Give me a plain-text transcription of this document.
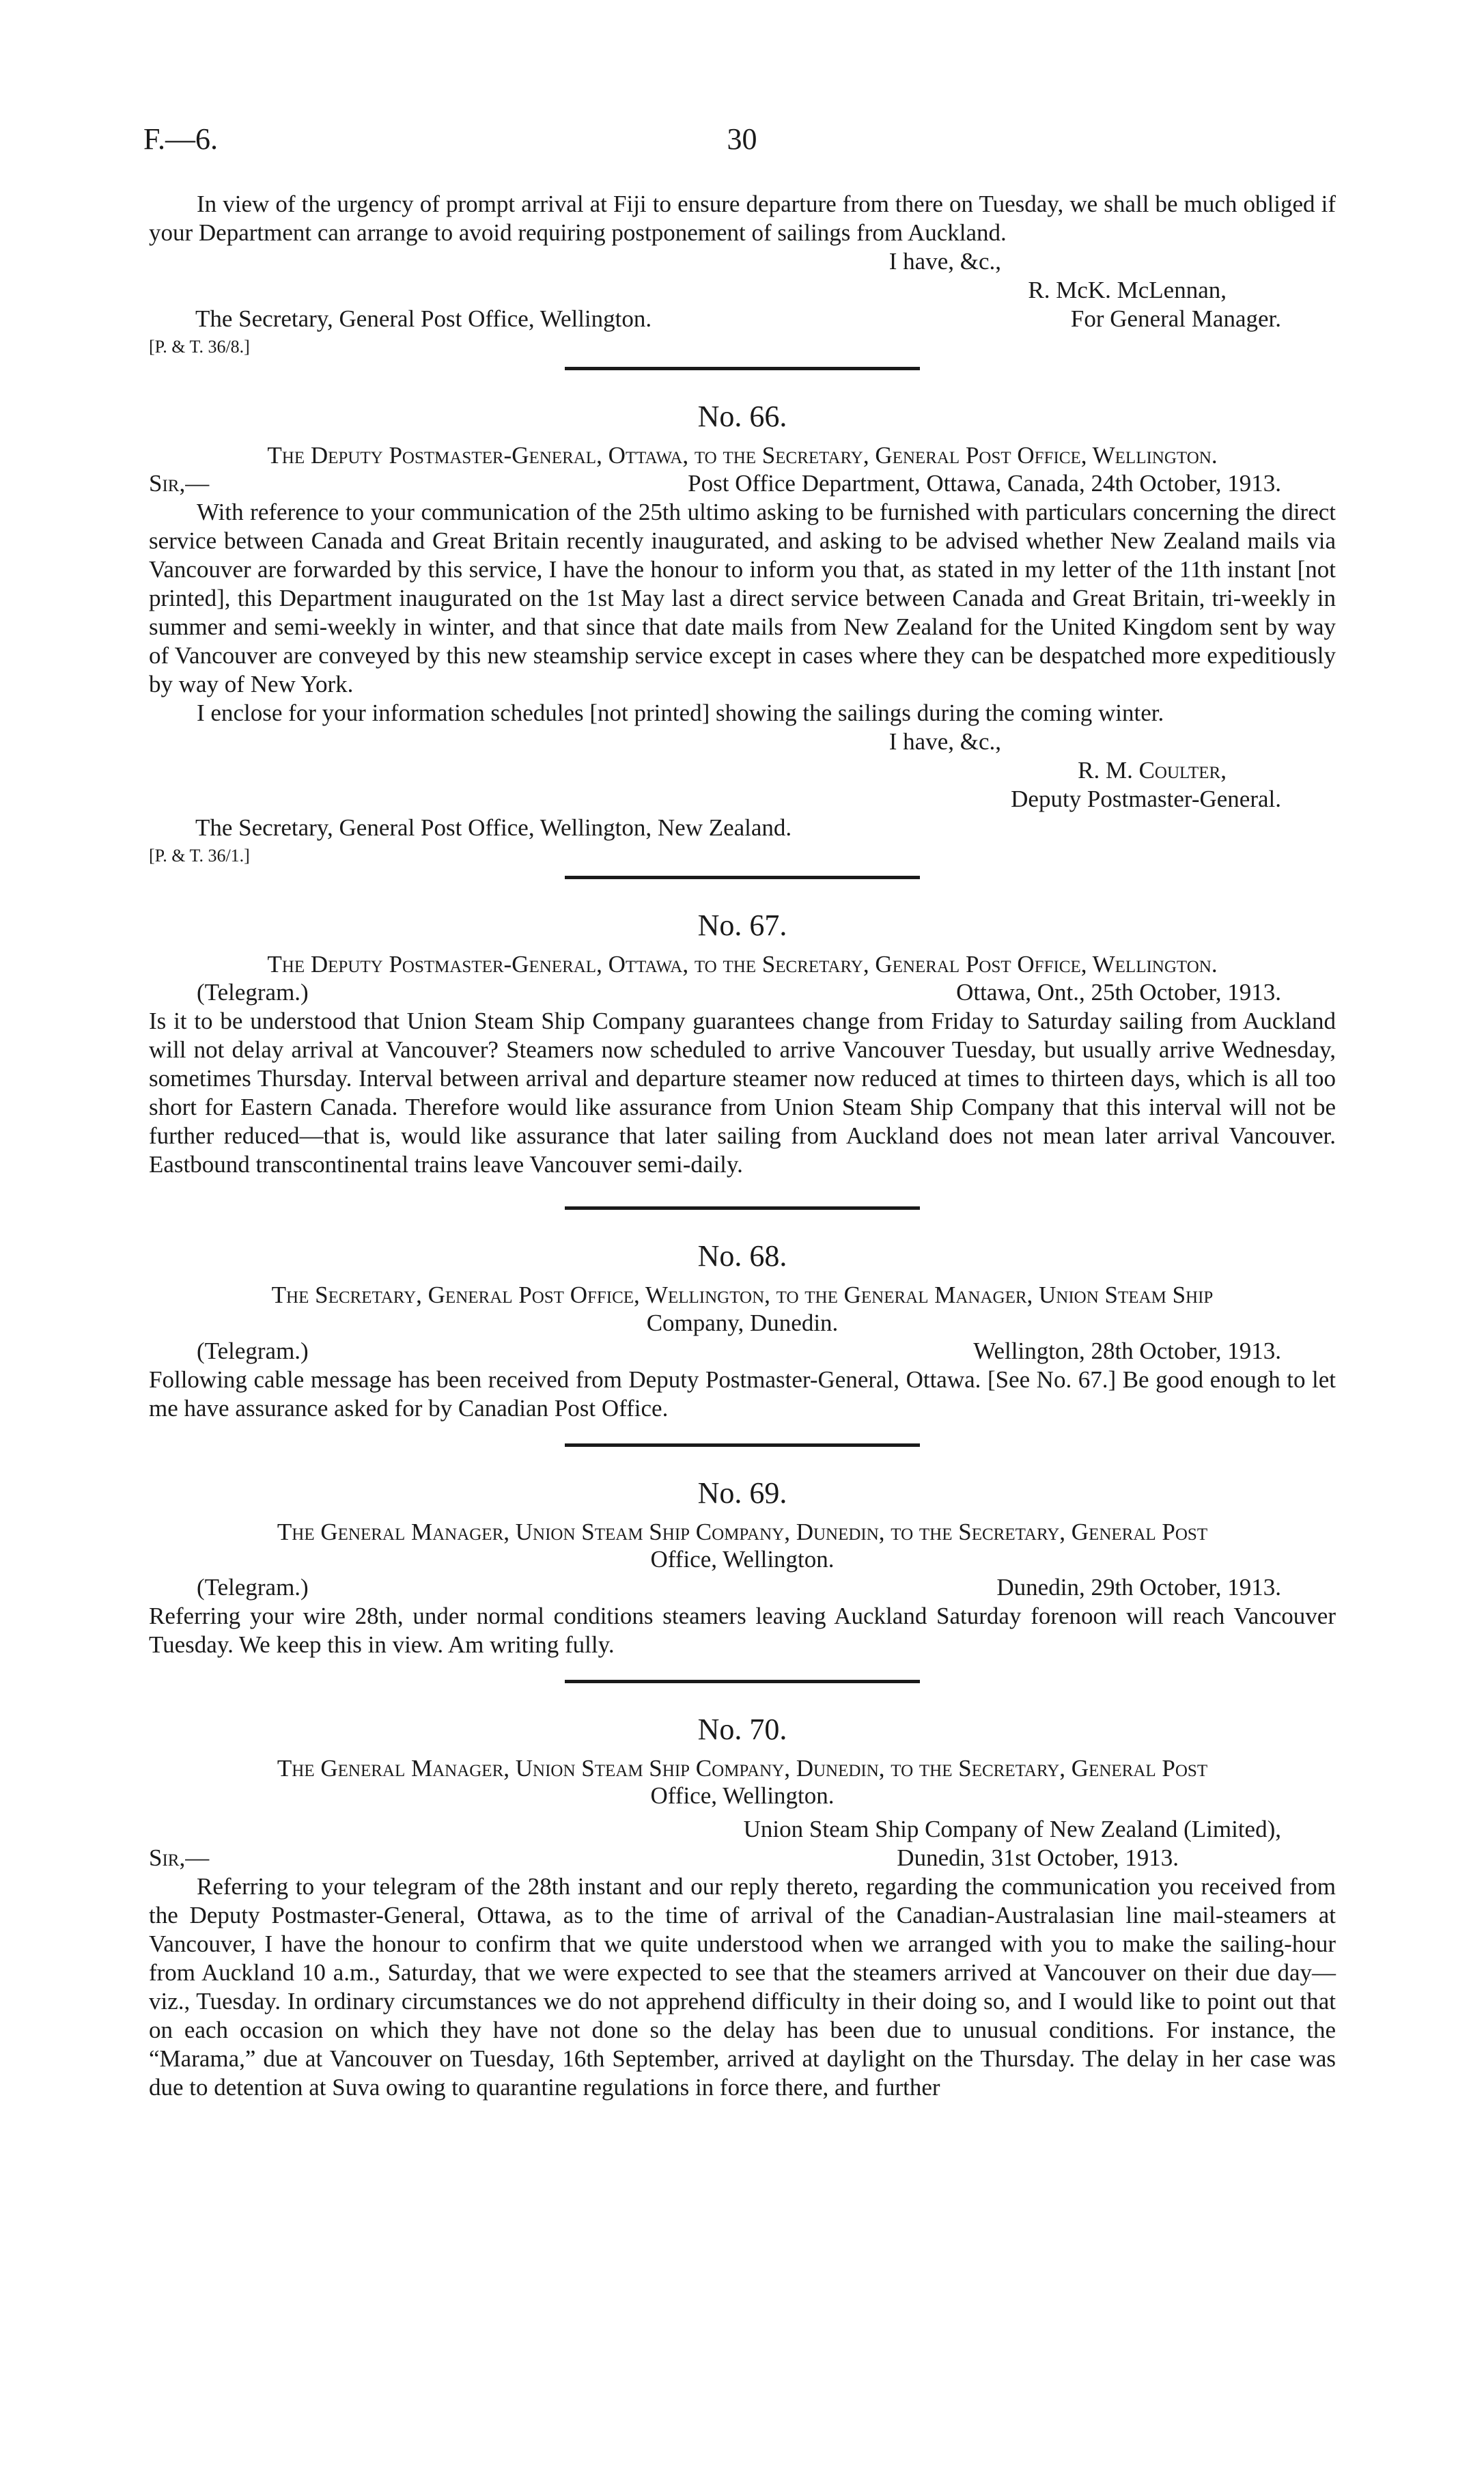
F.—6.	30

In view of the urgency of prompt arrival at Fiji to ensure departure from there on Tuesday, we shall be much obliged if your Department can arrange to avoid requiring postponement of sailings from Auckland.

I have, &c.,

R. McK. McLennan,

The Secretary, General Post Office, Wellington.	For General Manager.

[P. & T. 36/8.]

No. 66.

The Deputy Postmaster-General, Ottawa, to the Secretary, General Post Office, Wellington.

Sir,—	Post Office Department, Ottawa, Canada, 24th October, 1913.

With reference to your communication of the 25th ultimo asking to be furnished with particulars concerning the direct service between Canada and Great Britain recently inaugurated, and asking to be advised whether New Zealand mails via Vancouver are forwarded by this service, I have the honour to inform you that, as stated in my letter of the 11th instant [not printed], this Department inaugurated on the 1st May last a direct service between Canada and Great Britain, tri-weekly in summer and semi-weekly in winter, and that since that date mails from New Zealand for the United Kingdom sent by way of Vancouver are conveyed by this new steamship service except in cases where they can be despatched more expeditiously by way of New York.

I enclose for your information schedules [not printed] showing the sailings during the coming winter.

I have, &c.,

R. M. Coulter,

Deputy Postmaster-General.

The Secretary, General Post Office, Wellington, New Zealand.

[P. & T. 36/1.]

No. 67.

The Deputy Postmaster-General, Ottawa, to the Secretary, General Post Office, Wellington.

(Telegram.)	Ottawa, Ont., 25th October, 1913.

Is it to be understood that Union Steam Ship Company guarantees change from Friday to Saturday sailing from Auckland will not delay arrival at Vancouver? Steamers now scheduled to arrive Vancouver Tuesday, but usually arrive Wednesday, sometimes Thursday. Interval between arrival and departure steamer now reduced at times to thirteen days, which is all too short for Eastern Canada. Therefore would like assurance from Union Steam Ship Company that this interval will not be further reduced—that is, would like assurance that later sailing from Auckland does not mean later arrival Vancouver. Eastbound transcontinental trains leave Vancouver semi-daily.

No. 68.

The Secretary, General Post Office, Wellington, to the General Manager, Union Steam Ship

Company, Dunedin.

(Telegram.)	Wellington, 28th October, 1913.

Following cable message has been received from Deputy Postmaster-General, Ottawa. [See No. 67.] Be good enough to let me have assurance asked for by Canadian Post Office.

No. 69.

The General Manager, Union Steam Ship Company, Dunedin, to the Secretary, General Post

Office, Wellington.

(Telegram.)	Dunedin, 29th October, 1913.

Referring your wire 28th, under normal conditions steamers leaving Auckland Saturday forenoon will reach Vancouver Tuesday. We keep this in view. Am writing fully.

No. 70.

The General Manager, Union Steam Ship Company, Dunedin, to the Secretary, General Post

Office, Wellington.

Union Steam Ship Company of New Zealand (Limited),

Sir,—	Dunedin, 31st October, 1913.

Referring to your telegram of the 28th instant and our reply thereto, regarding the communication you received from the Deputy Postmaster-General, Ottawa, as to the time of arrival of the Canadian-Australasian line mail-steamers at Vancouver, I have the honour to confirm that we quite understood when we arranged with you to make the sailing-hour from Auckland 10 a.m., Saturday, that we were expected to see that the steamers arrived at Vancouver on their due day—viz., Tuesday. In ordinary circumstances we do not apprehend difficulty in their doing so, and I would like to point out that on each occasion on which they have not done so the delay has been due to unusual conditions. For instance, the “Marama,” due at Vancouver on Tuesday, 16th September, arrived at daylight on the Thursday. The delay in her case was due to detention at Suva owing to quarantine regulations in force there, and further
